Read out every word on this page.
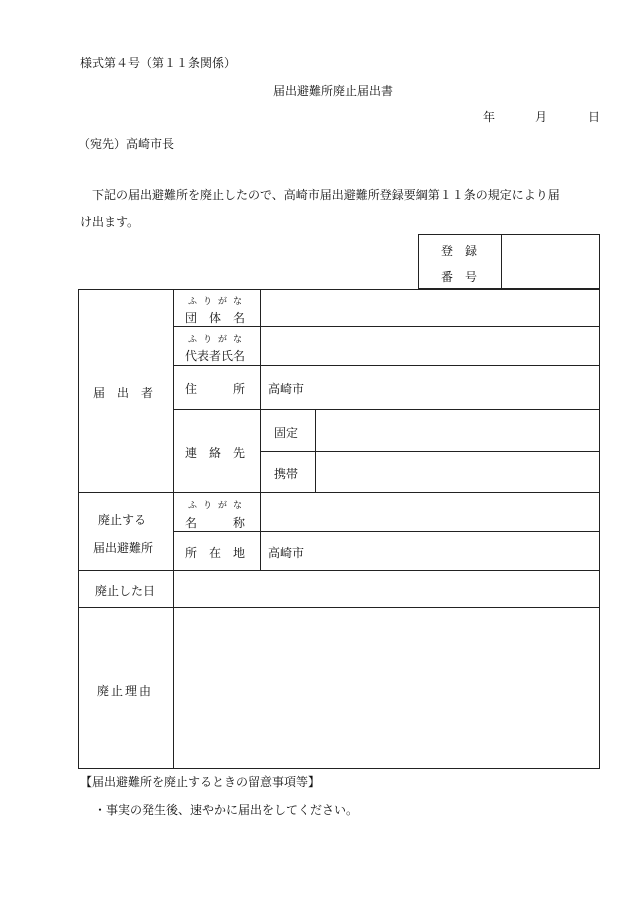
様式第４号（第１１条関係）
届出避難所廃止届出書
年	月	日
（宛先）高崎市長
下記の届出避難所を廃止したので、高崎市届出避難所登録要綱第１１条の規定により届
け出ます。
登　録
番　号
届　出　者
ふりがな
団　体　名
ふりがな
代表者氏名
住　　　所 高崎市
連　絡　先
固定
携帯
廃止する
届出避難所
ふりがな
名　　　称
所　在　地 高崎市
廃止した日
廃止理由
【届出避難所を廃止するときの留意事項等】
・事実の発生後、速やかに届出をしてください。
